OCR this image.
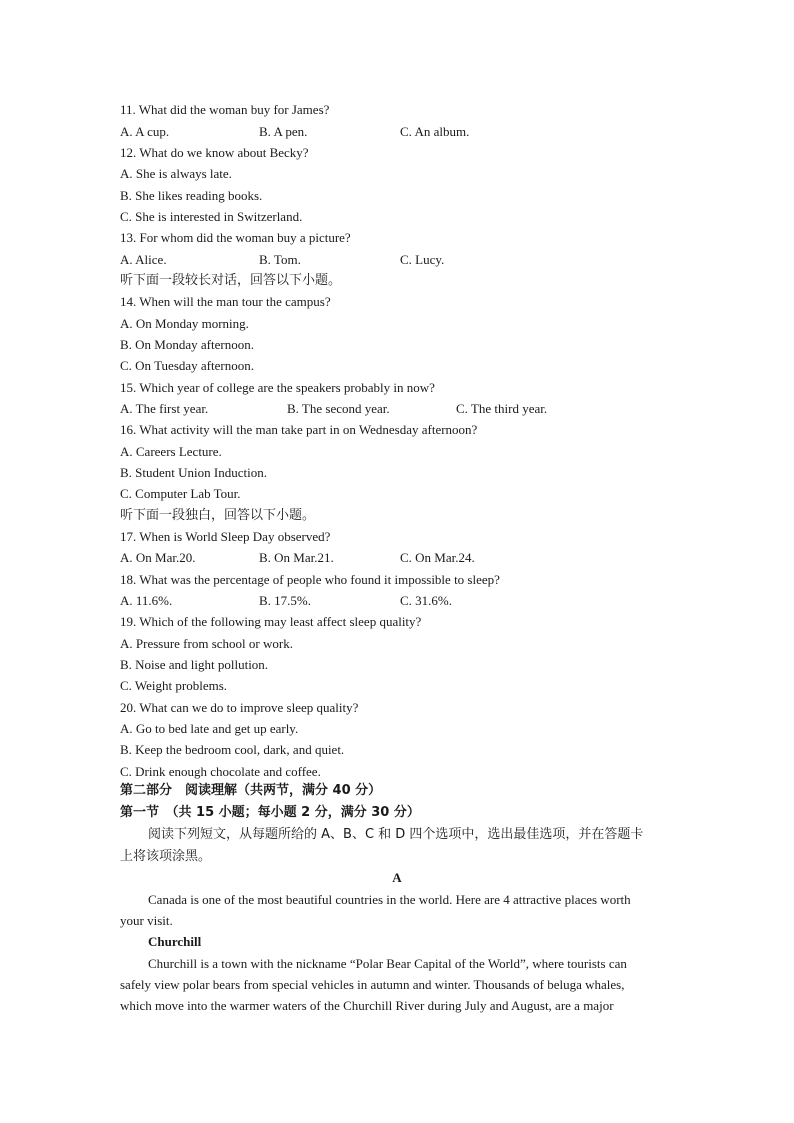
11. What did the woman buy for James?
A. A cup.	B. A pen.	C. An album.
12. What do we know about Becky?
A. She is always late.
B. She likes reading books.
C. She is interested in Switzerland.
13. For whom did the woman buy a picture?
A. Alice.	B. Tom.	C. Lucy.
听下面一段较长对话，回答以下小题。
14. When will the man tour the campus?
A. On Monday morning.
B. On Monday afternoon.
C. On Tuesday afternoon.
15. Which year of college are the speakers probably in now?
A. The first year.	B. The second year.	C. The third year.
16. What activity will the man take part in on Wednesday afternoon?
A. Careers Lecture.
B. Student Union Induction.
C. Computer Lab Tour.
听下面一段独白，回答以下小题。
17. When is World Sleep Day observed?
A. On Mar.20.	B. On Mar.21.	C. On Mar.24.
18. What was the percentage of people who found it impossible to sleep?
A. 11.6%.	B. 17.5%.	C. 31.6%.
19. Which of the following may least affect sleep quality?
A. Pressure from school or work.
B. Noise and light pollution.
C. Weight problems.
20. What can we do to improve sleep quality?
A. Go to bed late and get up early.
B. Keep the bedroom cool, dark, and quiet.
C. Drink enough chocolate and coffee.
第二部分　阅读理解（共两节，满分 40 分）
第一节　（共 15 小题；每小题 2 分，满分 30 分）
阅读下列短文，从每题所给的 A、B、C 和 D 四个选项中，选出最佳选项，并在答题卡
上将该项涂黑。
A
Canada is one of the most beautiful countries in the world. Here are 4 attractive places worth
your visit.
Churchill
Churchill is a town with the nickname “Polar Bear Capital of the World”, where tourists can
safely view polar bears from special vehicles in autumn and winter. Thousands of beluga whales,
which move into the warmer waters of the Churchill River during July and August, are a major
